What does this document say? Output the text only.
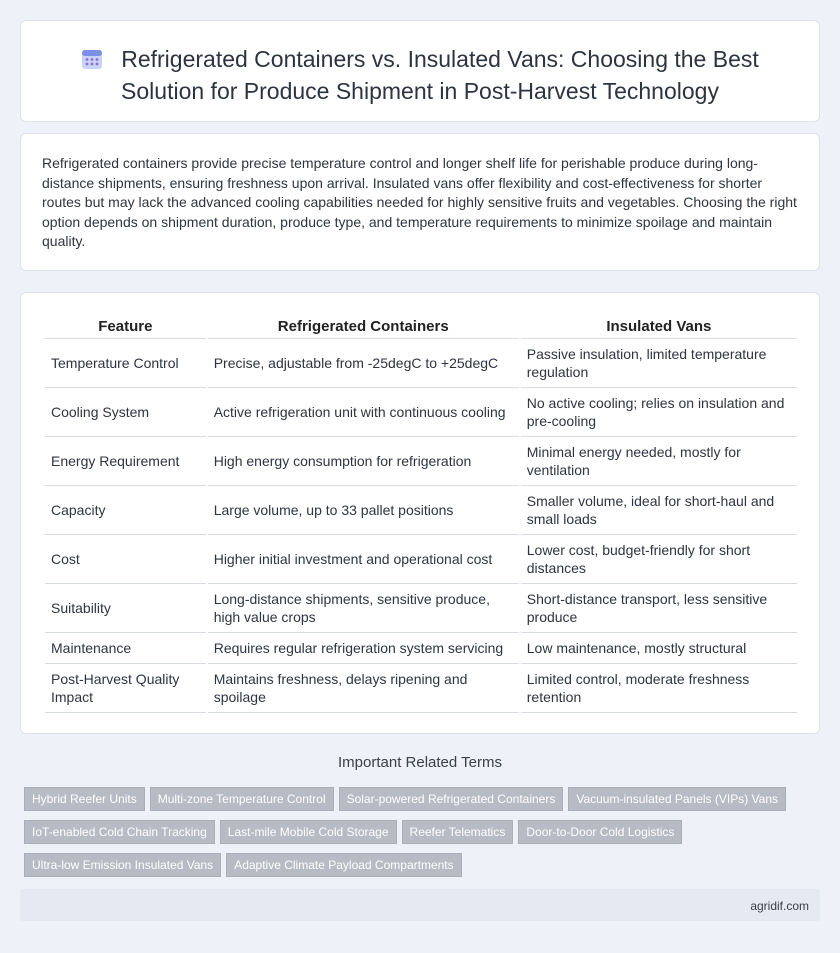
Refrigerated Containers vs. Insulated Vans: Choosing the Best Solution for Produce Shipment in Post-Harvest Technology

Refrigerated containers provide precise temperature control and longer shelf life for perishable produce during long-distance shipments, ensuring freshness upon arrival. Insulated vans offer flexibility and cost-effectiveness for shorter routes but may lack the advanced cooling capabilities needed for highly sensitive fruits and vegetables. Choosing the right option depends on shipment duration, produce type, and temperature requirements to minimize spoilage and maintain quality.

Feature	Refrigerated Containers	Insulated Vans
Temperature Control	Precise, adjustable from -25degC to +25degC	Passive insulation, limited temperature regulation
Cooling System	Active refrigeration unit with continuous cooling	No active cooling; relies on insulation and pre-cooling
Energy Requirement	High energy consumption for refrigeration	Minimal energy needed, mostly for ventilation
Capacity	Large volume, up to 33 pallet positions	Smaller volume, ideal for short-haul and small loads
Cost	Higher initial investment and operational cost	Lower cost, budget-friendly for short distances
Suitability	Long-distance shipments, sensitive produce, high value crops	Short-distance transport, less sensitive produce
Maintenance	Requires regular refrigeration system servicing	Low maintenance, mostly structural
Post-Harvest Quality Impact	Maintains freshness, delays ripening and spoilage	Limited control, moderate freshness retention
Important Related Terms
Hybrid Reefer Units Multi-zone Temperature Control Solar-powered Refrigerated Containers Vacuum-insulated Panels (VIPs) VansIoT-enabled Cold Chain Tracking Last-mile Mobile Cold Storage Reefer Telematics Door-to-Door Cold LogisticsUltra-low Emission Insulated Vans Adaptive Climate Payload Compartments
agridif.com
